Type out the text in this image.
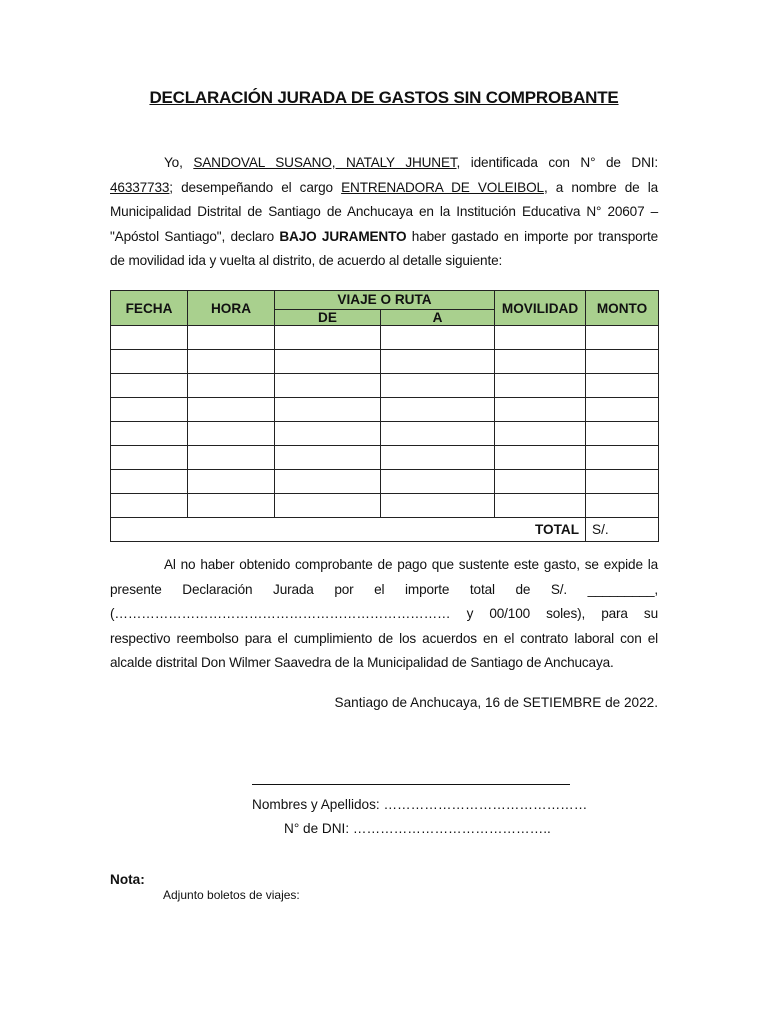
DECLARACIÓN JURADA DE GASTOS SIN COMPROBANTE
Yo, SANDOVAL SUSANO, NATALY JHUNET, identificada con N° de DNI: 46337733; desempeñando el cargo ENTRENADORA DE VOLEIBOL, a nombre de la Municipalidad Distrital de Santiago de Anchucaya en la Institución Educativa N° 20607 – "Apóstol Santiago", declaro BAJO JURAMENTO haber gastado en importe por transporte de movilidad ida y vuelta al distrito, de acuerdo al detalle siguiente:
FECHA	HORA	VIAJE O RUTA		MOVILIDAD	MONTO
		DE	A		

TOTAL					S/.
Al no haber obtenido comprobante de pago que sustente este gasto, se expide la presente Declaración Jurada por el importe total de S/. _________, (………………………………………………………………… y 00/100 soles), para su respectivo reembolso para el cumplimiento de los acuerdos en el contrato laboral con el alcalde distrital Don Wilmer Saavedra de la Municipalidad de Santiago de Anchucaya.
Santiago de Anchucaya, 16 de SETIEMBRE de 2022.
Nombres y Apellidos: ………………………………………
N° de DNI: ……………………………………..
Nota:
Adjunto boletos de viajes:
